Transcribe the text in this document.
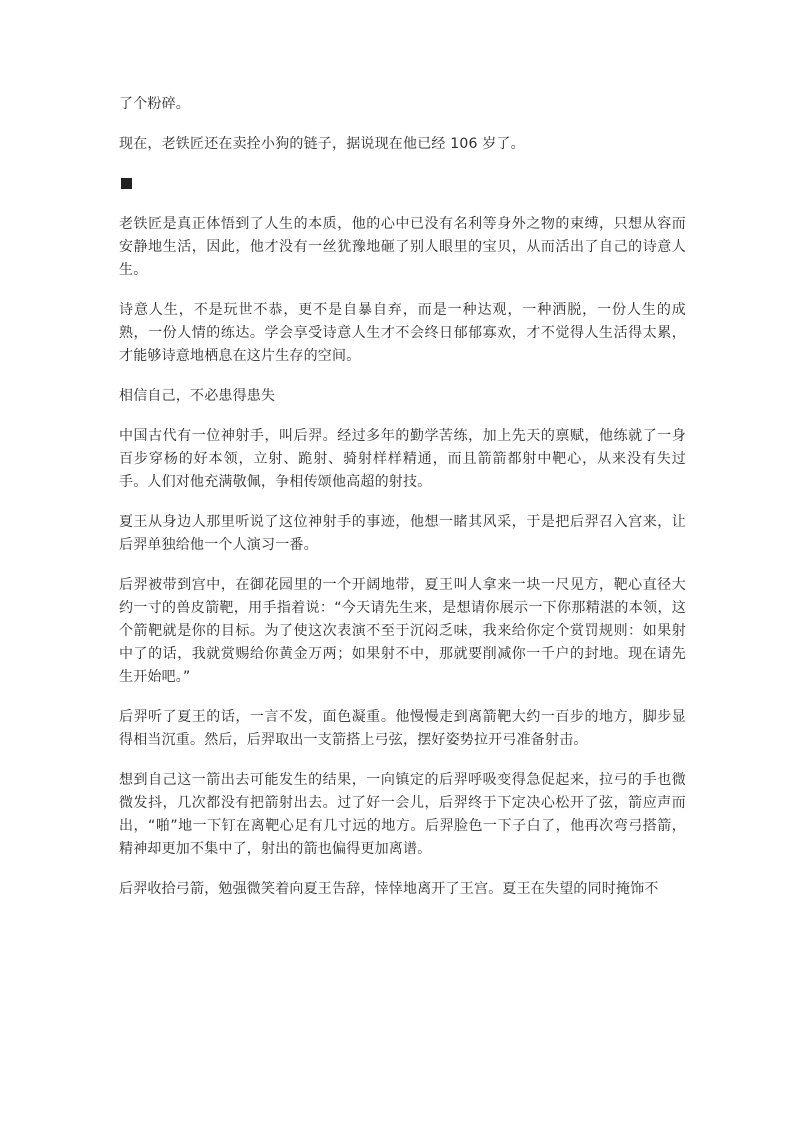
了个粉碎。

现在，老铁匠还在卖拴小狗的链子，据说现在他已经 106 岁了。

老铁匠是真正体悟到了人生的本质，他的心中已没有名利等身外之物的束缚，只想从容而安静地生活，因此，他才没有一丝犹豫地砸了别人眼里的宝贝，从而活出了自己的诗意人生。

诗意人生，不是玩世不恭，更不是自暴自弃，而是一种达观，一种洒脱，一份人生的成熟，一份人情的练达。学会享受诗意人生才不会终日郁郁寡欢，才不觉得人生活得太累，才能够诗意地栖息在这片生存的空间。

相信自己，不必患得患失

中国古代有一位神射手，叫后羿。经过多年的勤学苦练，加上先天的禀赋，他练就了一身百步穿杨的好本领，立射、跪射、骑射样样精通，而且箭箭都射中靶心，从来没有失过手。人们对他充满敬佩，争相传颂他高超的射技。

夏王从身边人那里听说了这位神射手的事迹，他想一睹其风采，于是把后羿召入宫来，让后羿单独给他一个人演习一番。

后羿被带到宫中，在御花园里的一个开阔地带，夏王叫人拿来一块一尺见方，靶心直径大约一寸的兽皮箭靶，用手指着说：“今天请先生来，是想请你展示一下你那精湛的本领，这个箭靶就是你的目标。为了使这次表演不至于沉闷乏味，我来给你定个赏罚规则：如果射中了的话，我就赏赐给你黄金万两；如果射不中，那就要削减你一千户的封地。现在请先生开始吧。”

后羿听了夏王的话，一言不发，面色凝重。他慢慢走到离箭靶大约一百步的地方，脚步显得相当沉重。然后，后羿取出一支箭搭上弓弦，摆好姿势拉开弓准备射击。

想到自己这一箭出去可能发生的结果，一向镇定的后羿呼吸变得急促起来，拉弓的手也微微发抖，几次都没有把箭射出去。过了好一会儿，后羿终于下定决心松开了弦，箭应声而出，“啪”地一下钉在离靶心足有几寸远的地方。后羿脸色一下子白了，他再次弯弓搭箭，精神却更加不集中了，射出的箭也偏得更加离谱。

后羿收拾弓箭，勉强微笑着向夏王告辞，悻悻地离开了王宫。夏王在失望的同时掩饰不
